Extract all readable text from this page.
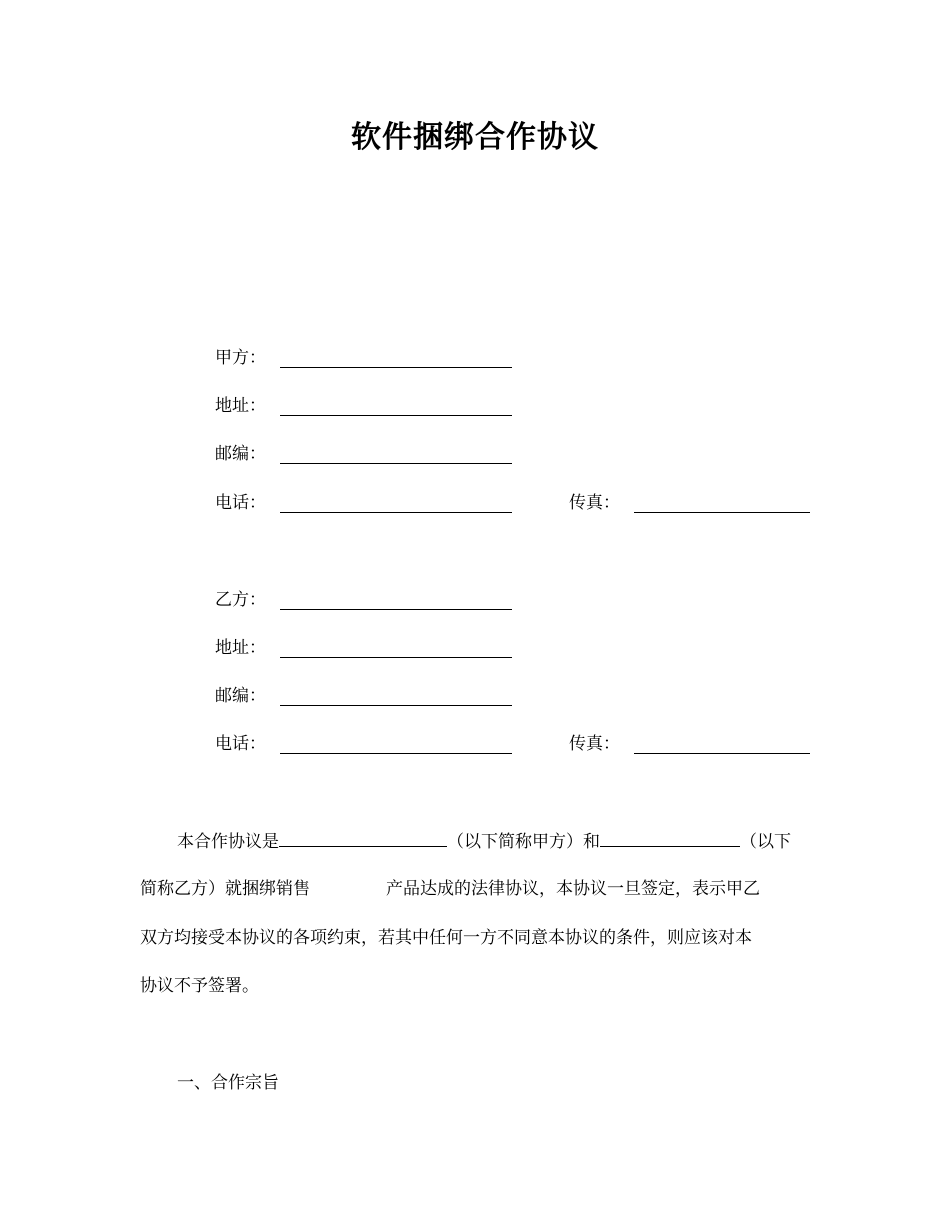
软件捆绑合作协议
甲方：
地址：
邮编：
电话：	传真：
乙方：
地址：
邮编：
电话：	传真：
本合作协议是	（以下简称甲方）和	（以下
简称乙方）就捆绑销售	产品达成的法律协议，本协议一旦签定，表示甲乙
双方均接受本协议的各项约束，若其中任何一方不同意本协议的条件，则应该对本
协议不予签署。
一、合作宗旨
